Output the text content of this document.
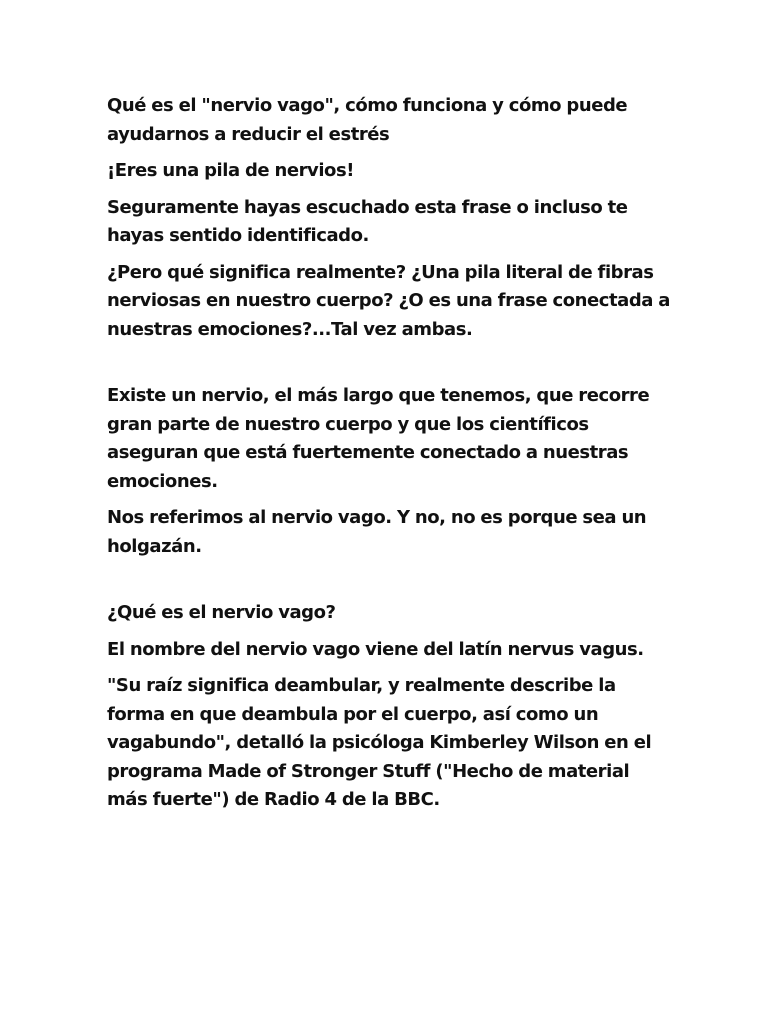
Qué es el "nervio vago", cómo funciona y cómo puede
ayudarnos a reducir el estrés

¡Eres una pila de nervios!

Seguramente hayas escuchado esta frase o incluso te
hayas sentido identificado.

¿Pero qué significa realmente? ¿Una pila literal de fibras
nerviosas en nuestro cuerpo? ¿O es una frase conectada a
nuestras emociones?...Tal vez ambas.

Existe un nervio, el más largo que tenemos, que recorre
gran parte de nuestro cuerpo y que los científicos
aseguran que está fuertemente conectado a nuestras
emociones.

Nos referimos al nervio vago. Y no, no es porque sea un
holgazán.

¿Qué es el nervio vago?

El nombre del nervio vago viene del latín nervus vagus.

"Su raíz significa deambular, y realmente describe la
forma en que deambula por el cuerpo, así como un
vagabundo", detalló la psicóloga Kimberley Wilson en el
programa Made of Stronger Stuff ("Hecho de material
más fuerte") de Radio 4 de la BBC.
